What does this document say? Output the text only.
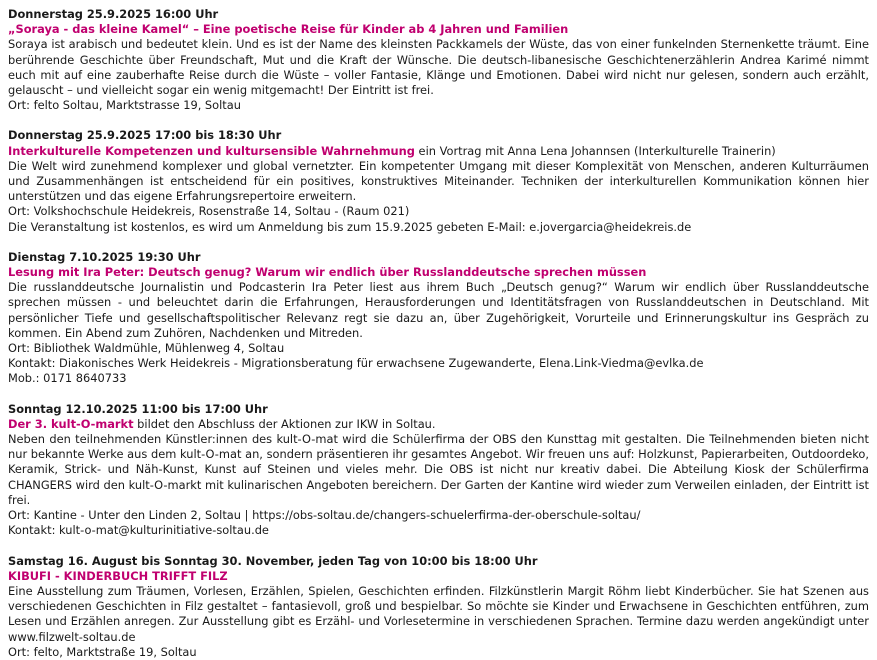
Donnerstag 25.9.2025 16:00 Uhr
„Soraya - das kleine Kamel“ – Eine poetische Reise für Kinder ab 4 Jahren und Familien

Soraya ist arabisch und bedeutet klein. Und es ist der Name des kleinsten Packkamels der Wüste, das von einer funkelnden Sternenkette träumt. Eine berührende Geschichte über Freundschaft, Mut und die Kraft der Wünsche. Die deutsch-libanesische Geschichtenerzählerin Andrea Karimé nimmt euch mit auf eine zauberhafte Reise durch die Wüste – voller Fantasie, Klänge und Emotionen. Dabei wird nicht nur gelesen, sondern auch erzählt, gelauscht – und vielleicht sogar ein wenig mitgemacht! Der Eintritt ist frei.

Ort: felto Soltau, Marktstrasse 19, Soltau
Donnerstag 25.9.2025 17:00 bis 18:30 Uhr
Interkulturelle Kompetenzen und kultursensible Wahrnehmung ein Vortrag mit Anna Lena Johannsen (Interkulturelle Trainerin)

Die Welt wird zunehmend komplexer und global vernetzter. Ein kompetenter Umgang mit dieser Komplexität von Menschen, anderen Kulturräumen und Zusammenhängen ist entscheidend für ein positives, konstruktives Miteinander. Techniken der interkulturellen Kommunikation können hier unterstützen und das eigene Erfahrungsrepertoire erweitern.

Ort: Volkshochschule Heidekreis, Rosenstraße 14, Soltau - (Raum 021)
Die Veranstaltung ist kostenlos, es wird um Anmeldung bis zum 15.9.2025 gebeten E-Mail: e.jovergarcia@heidekreis.de
Dienstag 7.10.2025 19:30 Uhr
Lesung mit Ira Peter: Deutsch genug? Warum wir endlich über Russlanddeutsche sprechen müssen

Die russlanddeutsche Journalistin und Podcasterin Ira Peter liest aus ihrem Buch „Deutsch genug?“ Warum wir endlich über Russlanddeutsche sprechen müssen - und beleuchtet darin die Erfahrungen, Herausforderungen und Identitätsfragen von Russlanddeutschen in Deutschland. Mit persönlicher Tiefe und gesellschaftspolitischer Relevanz regt sie dazu an, über Zugehörigkeit, Vorurteile und Erinnerungskultur ins Gespräch zu kommen. Ein Abend zum Zuhören, Nachdenken und Mitreden.

Ort: Bibliothek Waldmühle, Mühlenweg 4, Soltau
Kontakt: Diakonisches Werk Heidekreis - Migrationsberatung für erwachsene Zugewanderte, Elena.Link-Viedma@evlka.de
Mob.: 0171 8640733
Sonntag 12.10.2025 11:00 bis 17:00 Uhr
Der 3. kult-O-markt bildet den Abschluss der Aktionen zur IKW in Soltau.

Neben den teilnehmenden Künstler:innen des kult-O-mat wird die Schülerfirma der OBS den Kunsttag mit gestalten. Die Teilnehmenden bieten nicht nur bekannte Werke aus dem kult-O-mat an, sondern präsentieren ihr gesamtes Angebot. Wir freuen uns auf: Holzkunst, Papierarbeiten, Outdoordeko, Keramik, Strick- und Näh-Kunst, Kunst auf Steinen und vieles mehr. Die OBS ist nicht nur kreativ dabei. Die Abteilung Kiosk der Schülerfirma CHANGERS wird den kult-O-markt mit kulinarischen Angeboten bereichern. Der Garten der Kantine wird wieder zum Verweilen einladen, der Eintritt ist frei.

Ort: Kantine - Unter den Linden 2, Soltau | https://obs-soltau.de/changers-schuelerfirma-der-oberschule-soltau/
Kontakt: kult-o-mat@kulturinitiative-soltau.de
Samstag 16. August bis Sonntag 30. November, jeden Tag von 10:00 bis 18:00 Uhr
KIBUFI - KINDERBUCH TRIFFT FILZ

Eine Ausstellung zum Träumen, Vorlesen, Erzählen, Spielen, Geschichten erfinden. Filzkünstlerin Margit Röhm liebt Kinderbücher. Sie hat Szenen aus verschiedenen Geschichten in Filz gestaltet – fantasievoll, groß und bespielbar. So möchte sie Kinder und Erwachsene in Geschichten entführen, zum Lesen und Erzählen anregen. Zur Ausstellung gibt es Erzähl- und Vorlesetermine in verschiedenen Sprachen. Termine dazu werden angekündigt unter www.filzwelt-soltau.de

Ort: felto, Marktstraße 19, Soltau
